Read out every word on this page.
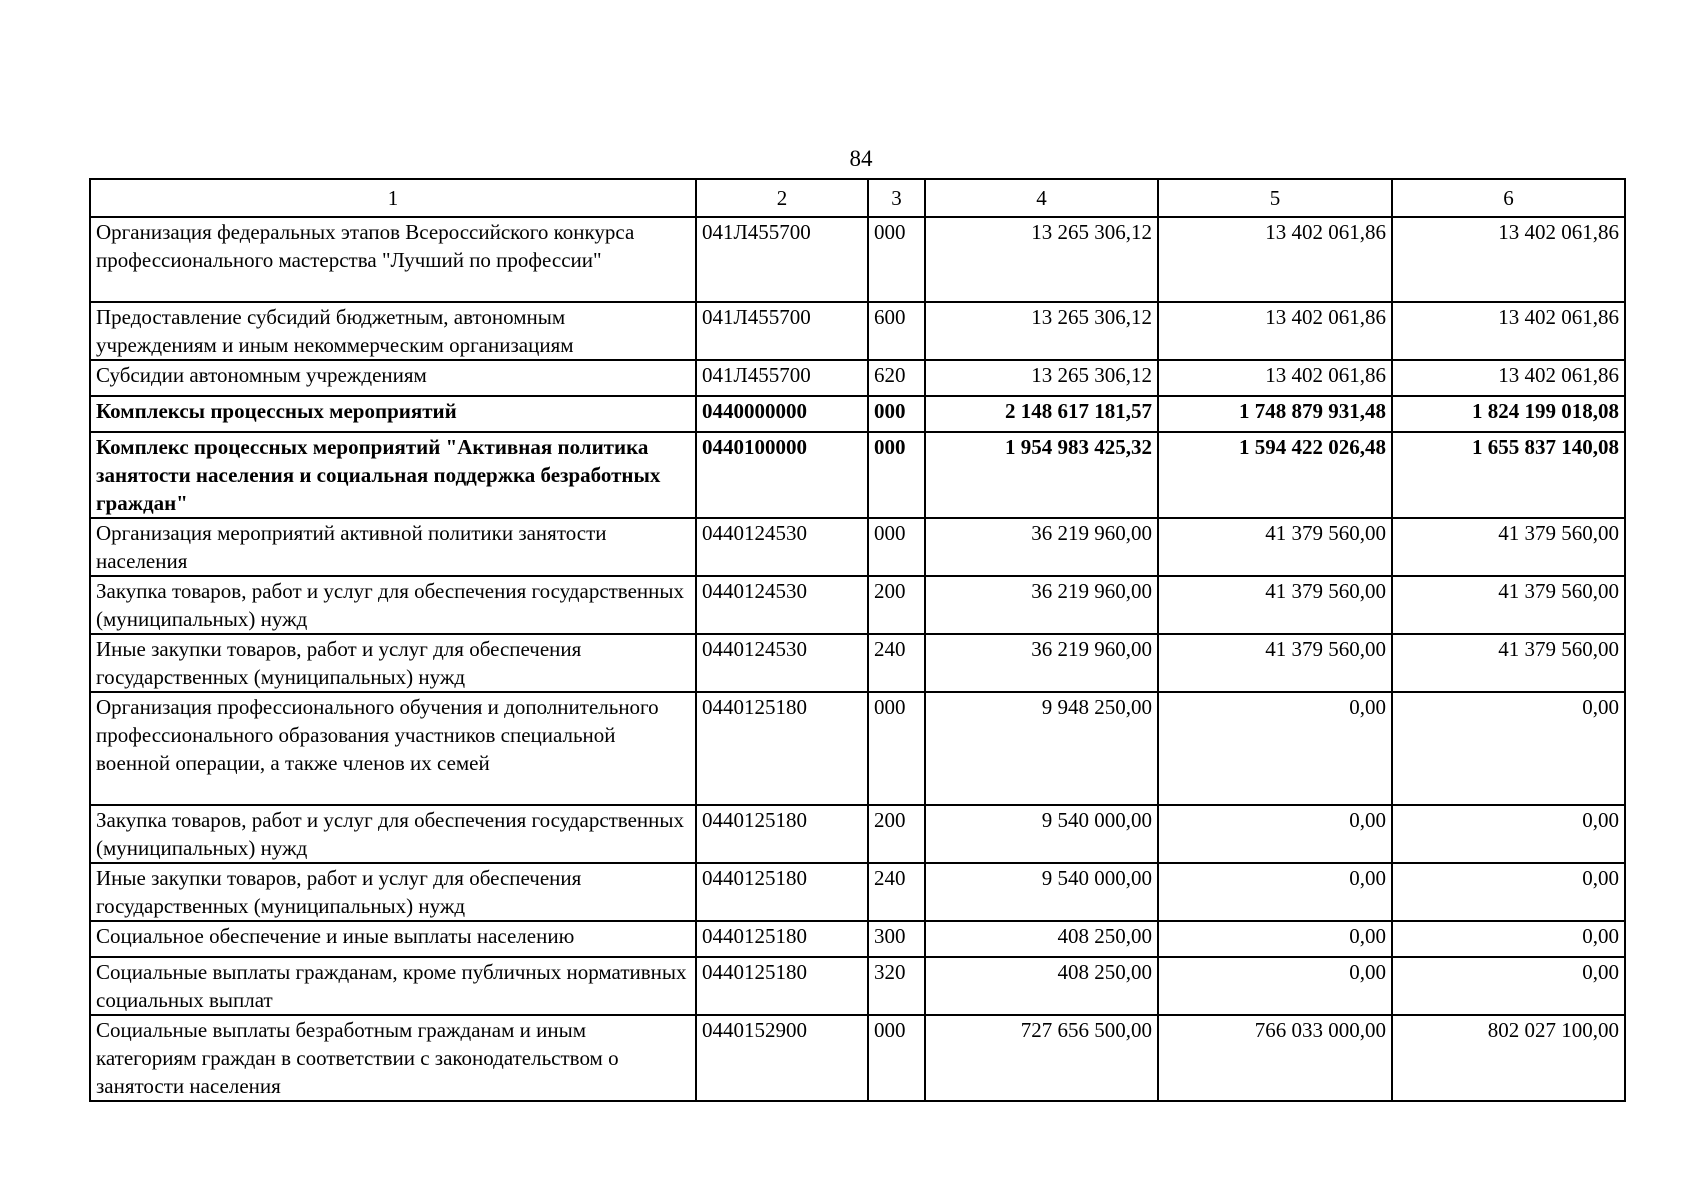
84
1	2	3	4	5	6
Организация федеральных этапов Всероссийского конкурса профессионального мастерства "Лучший по профессии"	041Л455700	000	13 265 306,12	13 402 061,86	13 402 061,86
Предоставление субсидий бюджетным, автономным учреждениям и иным некоммерческим организациям	041Л455700	600	13 265 306,12	13 402 061,86	13 402 061,86
Субсидии автономным учреждениям	041Л455700	620	13 265 306,12	13 402 061,86	13 402 061,86
Комплексы процессных мероприятий	0440000000	000	2 148 617 181,57	1 748 879 931,48	1 824 199 018,08
Комплекс процессных мероприятий "Активная политика занятости населения и социальная поддержка безработных граждан"	0440100000	000	1 954 983 425,32	1 594 422 026,48	1 655 837 140,08
Организация мероприятий активной политики занятости населения	0440124530	000	36 219 960,00	41 379 560,00	41 379 560,00
Закупка товаров, работ и услуг для обеспечения государственных (муниципальных) нужд	0440124530	200	36 219 960,00	41 379 560,00	41 379 560,00
Иные закупки товаров, работ и услуг для обеспечения государственных (муниципальных) нужд	0440124530	240	36 219 960,00	41 379 560,00	41 379 560,00
Организация профессионального обучения и дополнительного профессионального образования участников специальной военной операции, а также членов их семей	0440125180	000	9 948 250,00	0,00	0,00
Закупка товаров, работ и услуг для обеспечения государственных (муниципальных) нужд	0440125180	200	9 540 000,00	0,00	0,00
Иные закупки товаров, работ и услуг для обеспечения государственных (муниципальных) нужд	0440125180	240	9 540 000,00	0,00	0,00
Социальное обеспечение и иные выплаты населению	0440125180	300	408 250,00	0,00	0,00
Социальные выплаты гражданам, кроме публичных нормативных социальных выплат	0440125180	320	408 250,00	0,00	0,00
Социальные выплаты безработным гражданам и иным категориям граждан в соответствии с законодательством о занятости населения	0440152900	000	727 656 500,00	766 033 000,00	802 027 100,00
